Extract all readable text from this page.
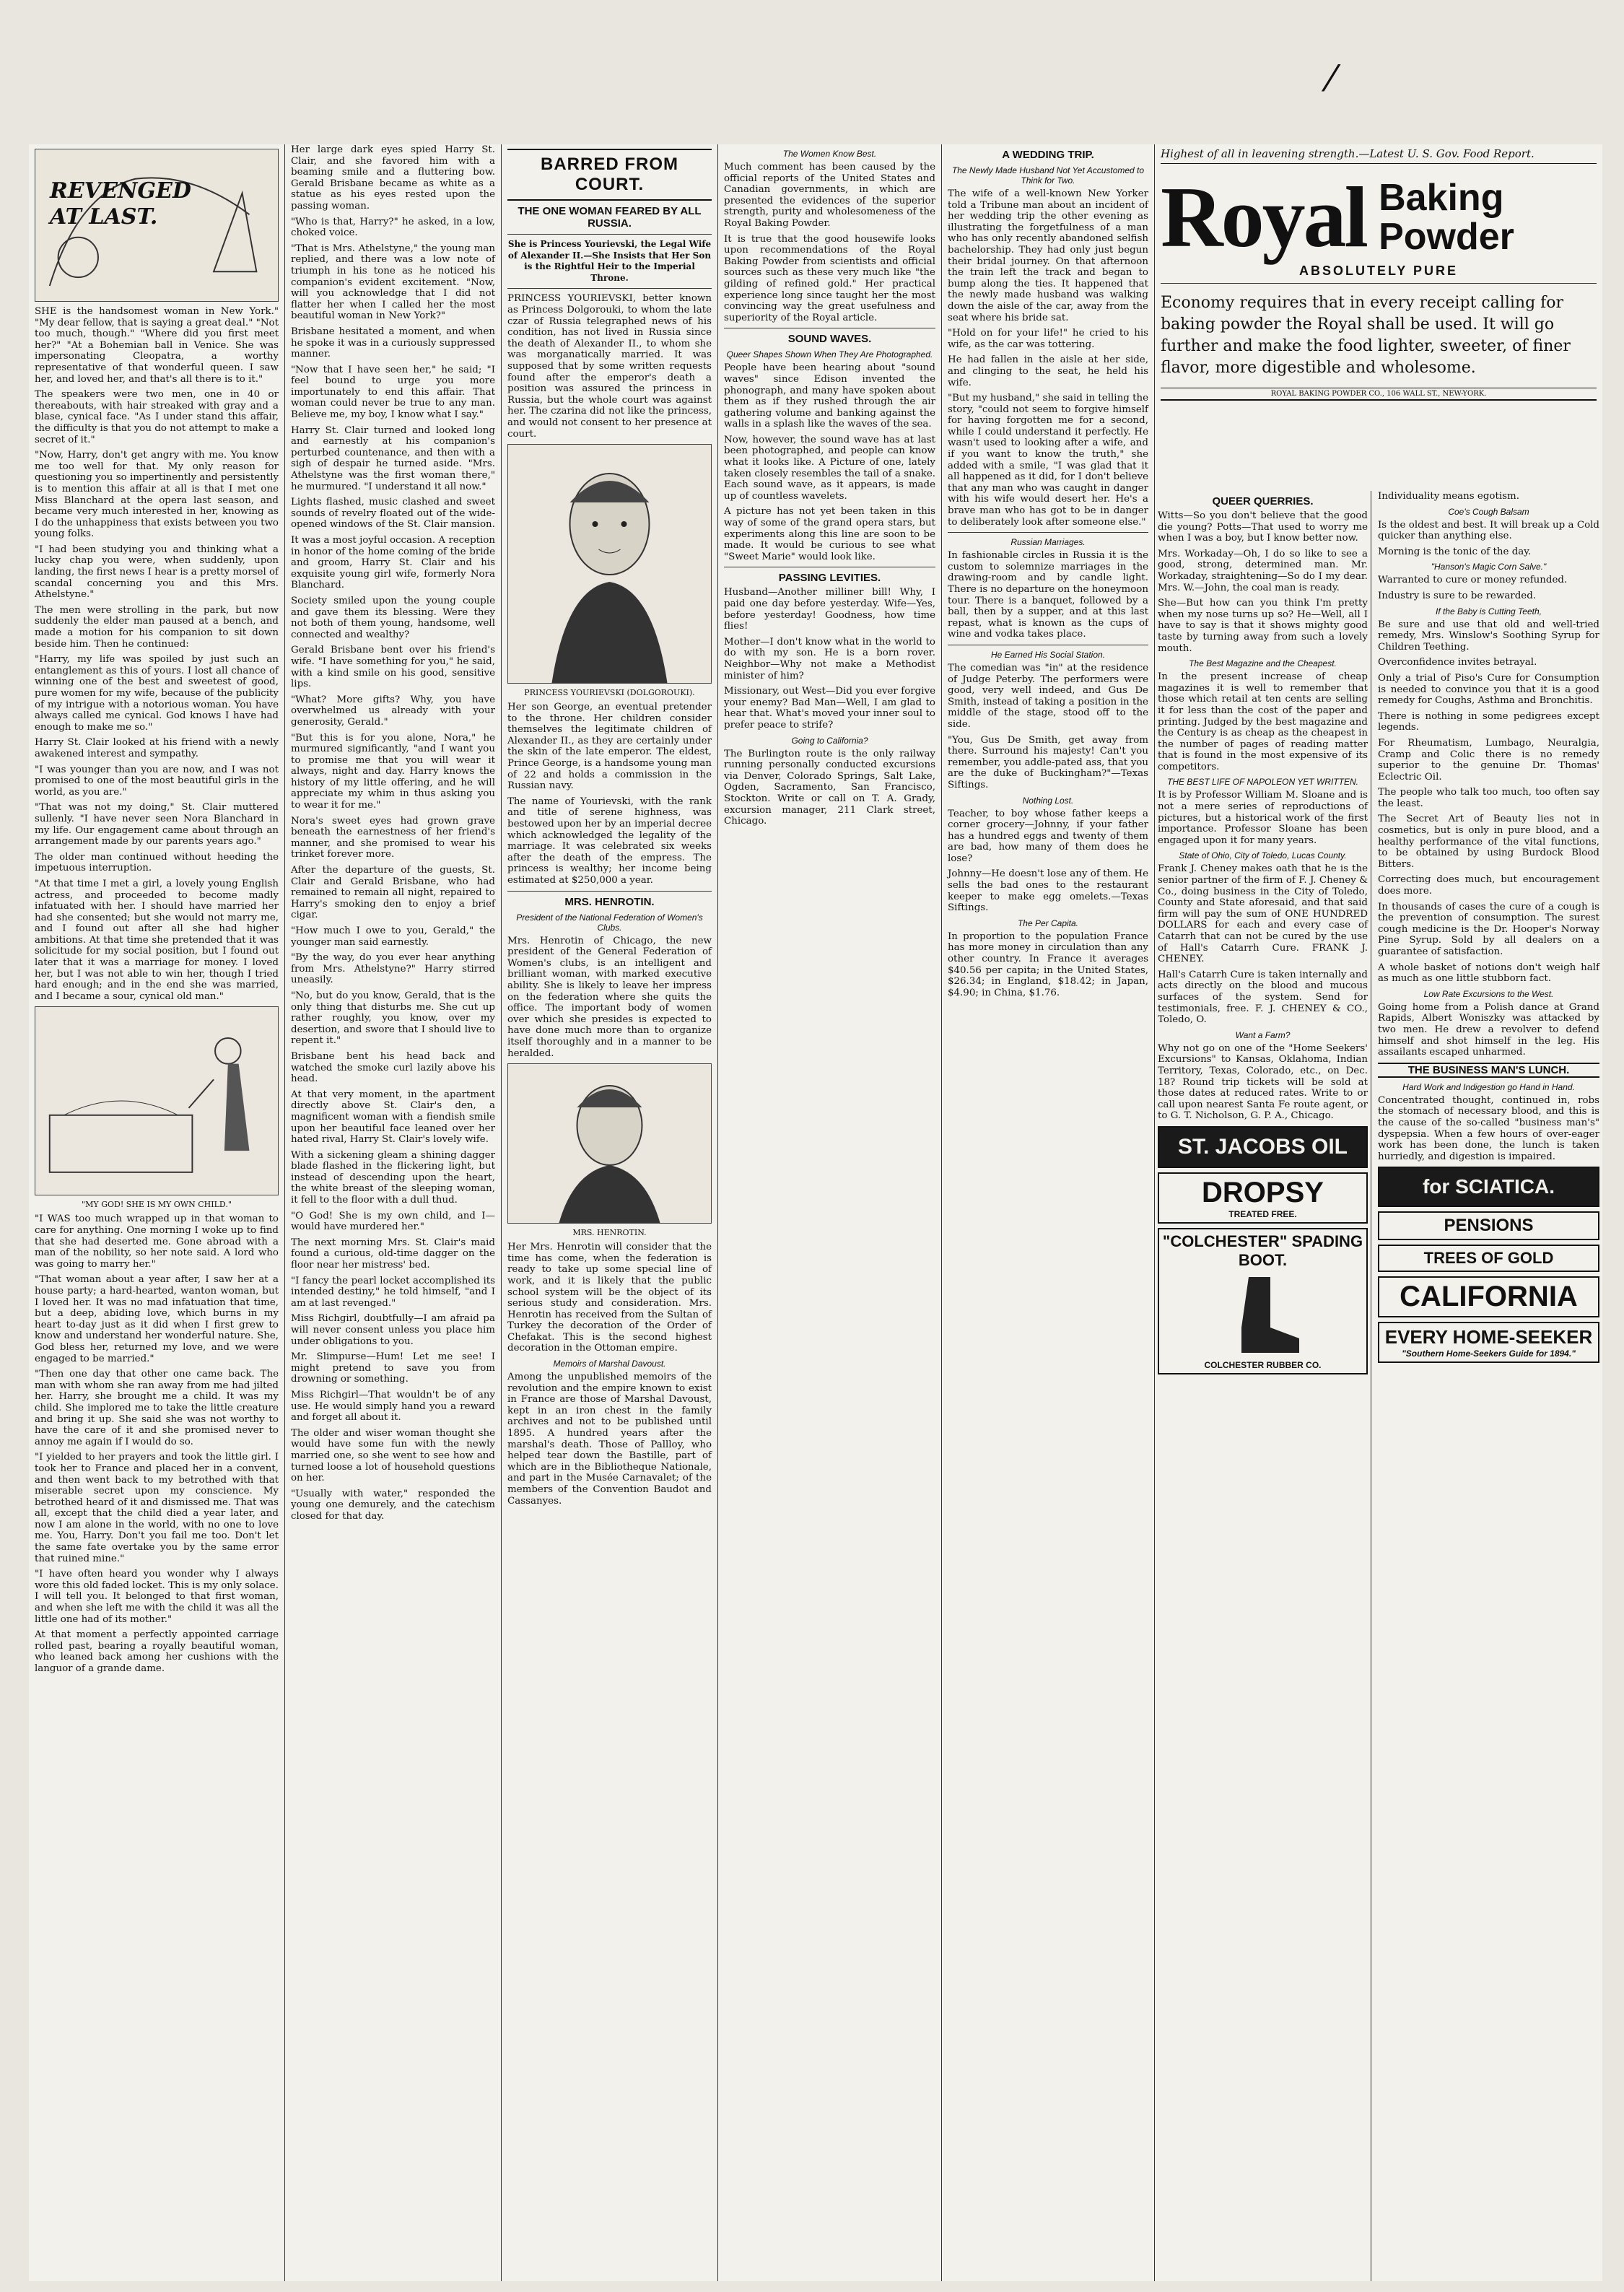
⁄
REVENGED AT LAST.

SHE is the handsomest woman in New York." "My dear fellow, that is saying a great deal." "Not too much, though." "Where did you first meet her?" "At a Bohemian ball in Venice. She was impersonating Cleopatra, a worthy representative of that wonderful queen. I saw her, and loved her, and that's all there is to it."

The speakers were two men, one in 40 or thereabouts, with hair streaked with gray and a blase, cynical face. "As I under stand this affair, the difficulty is that you do not attempt to make a secret of it."

"Now, Harry, don't get angry with me. You know me too well for that. My only reason for questioning you so impertinently and persistently is to mention this affair at all is that I met one Miss Blanchard at the opera last season, and became very much interested in her, knowing as I do the unhappiness that exists between you two young folks.

"I had been studying you and thinking what a lucky chap you were, when suddenly, upon landing, the first news I hear is a pretty morsel of scandal concerning you and this Mrs. Athelstyne."

The men were strolling in the park, but now suddenly the elder man paused at a bench, and made a motion for his companion to sit down beside him. Then he continued:

"Harry, my life was spoiled by just such an entanglement as this of yours. I lost all chance of winning one of the best and sweetest of good, pure women for my wife, because of the publicity of my intrigue with a notorious woman. You have always called me cynical. God knows I have had enough to make me so."

Harry St. Clair looked at his friend with a newly awakened interest and sympathy.

"I was younger than you are now, and I was not promised to one of the most beautiful girls in the world, as you are."

"That was not my doing," St. Clair muttered sullenly. "I have never seen Nora Blanchard in my life. Our engagement came about through an arrangement made by our parents years ago."

The older man continued without heeding the impetuous interruption.

"At that time I met a girl, a lovely young English actress, and proceeded to become madly infatuated with her. I should have married her had she consented; but she would not marry me, and I found out after all she had higher ambitions. At that time she pretended that it was solicitude for my social position, but I found out later that it was a marriage for money. I loved her, but I was not able to win her, though I tried hard enough; and in the end she was married, and I became a sour, cynical old man."

"MY GOD! SHE IS MY OWN CHILD."

"I WAS too much wrapped up in that woman to care for anything. One morning I woke up to find that she had deserted me. Gone abroad with a man of the nobility, so her note said. A lord who was going to marry her."

"That woman about a year after, I saw her at a house party; a hard-hearted, wanton woman, but I loved her. It was no mad infatuation that time, but a deep, abiding love, which burns in my heart to-day just as it did when I first grew to know and understand her wonderful nature. She, God bless her, returned my love, and we were engaged to be married."

"Then one day that other one came back. The man with whom she ran away from me had jilted her. Harry, she brought me a child. It was my child. She implored me to take the little creature and bring it up. She said she was not worthy to have the care of it and she promised never to annoy me again if I would do so.

"I yielded to her prayers and took the little girl. I took her to France and placed her in a convent, and then went back to my betrothed with that miserable secret upon my conscience. My betrothed heard of it and dismissed me. That was all, except that the child died a year later, and now I am alone in the world, with no one to love me. You, Harry. Don't you fail me too. Don't let the same fate overtake you by the same error that ruined mine."

"I have often heard you wonder why I always wore this old faded locket. This is my only solace. I will tell you. It belonged to that first woman, and when she left me with the child it was all the little one had of its mother."

At that moment a perfectly appointed carriage rolled past, bearing a royally beautiful woman, who leaned back among her cushions with the languor of a grande dame.

Her large dark eyes spied Harry St. Clair, and she favored him with a beaming smile and a fluttering bow. Gerald Brisbane became as white as a statue as his eyes rested upon the passing woman.

"Who is that, Harry?" he asked, in a low, choked voice.

"That is Mrs. Athelstyne," the young man replied, and there was a low note of triumph in his tone as he noticed his companion's evident excitement. "Now, will you acknowledge that I did not flatter her when I called her the most beautiful woman in New York?"

Brisbane hesitated a moment, and when he spoke it was in a curiously suppressed manner.

"Now that I have seen her," he said; "I feel bound to urge you more importunately to end this affair. That woman could never be true to any man. Believe me, my boy, I know what I say."

Harry St. Clair turned and looked long and earnestly at his companion's perturbed countenance, and then with a sigh of despair he turned aside. "Mrs. Athelstyne was the first woman there," he murmured. "I understand it all now."

Lights flashed, music clashed and sweet sounds of revelry floated out of the wide-opened windows of the St. Clair mansion.

It was a most joyful occasion. A reception in honor of the home coming of the bride and groom, Harry St. Clair and his exquisite young girl wife, formerly Nora Blanchard.

Society smiled upon the young couple and gave them its blessing. Were they not both of them young, handsome, well connected and wealthy?

Gerald Brisbane bent over his friend's wife. "I have something for you," he said, with a kind smile on his good, sensitive lips.

"What? More gifts? Why, you have overwhelmed us already with your generosity, Gerald."

"But this is for you alone, Nora," he murmured significantly, "and I want you to promise me that you will wear it always, night and day. Harry knows the history of my little offering, and he will appreciate my whim in thus asking you to wear it for me."

Nora's sweet eyes had grown grave beneath the earnestness of her friend's manner, and she promised to wear his trinket forever more.

After the departure of the guests, St. Clair and Gerald Brisbane, who had remained to remain all night, repaired to Harry's smoking den to enjoy a brief cigar.

"How much I owe to you, Gerald," the younger man said earnestly.

"By the way, do you ever hear anything from Mrs. Athelstyne?" Harry stirred uneasily.

"No, but do you know, Gerald, that is the only thing that disturbs me. She cut up rather roughly, you know, over my desertion, and swore that I should live to repent it."

Brisbane bent his head back and watched the smoke curl lazily above his head.

At that very moment, in the apartment directly above St. Clair's den, a magnificent woman with a fiendish smile upon her beautiful face leaned over her hated rival, Harry St. Clair's lovely wife.

With a sickening gleam a shining dagger blade flashed in the flickering light, but instead of descending upon the heart, the white breast of the sleeping woman, it fell to the floor with a dull thud.

"O God! She is my own child, and I—would have murdered her."

The next morning Mrs. St. Clair's maid found a curious, old-time dagger on the floor near her mistress' bed.

"I fancy the pearl locket accomplished its intended destiny," he told himself, "and I am at last revenged."

Miss Richgirl, doubtfully—I am afraid pa will never consent unless you place him under obligations to you.

Mr. Slimpurse—Hum! Let me see! I might pretend to save you from drowning or something.

Miss Richgirl—That wouldn't be of any use. He would simply hand you a reward and forget all about it.

The older and wiser woman thought she would have some fun with the newly married one, so she went to see how and turned loose a lot of household questions on her.

"Usually with water," responded the young one demurely, and the catechism closed for that day.

BARRED FROM COURT.
THE ONE WOMAN FEARED BY ALL RUSSIA.

She is Princess Yourievski, the Legal Wife of Alexander II.—She Insists that Her Son is the Rightful Heir to the Imperial Throne.

PRINCESS YOURIEVSKI, better known as Princess Dolgorouki, to whom the late czar of Russia telegraphed news of his condition, has not lived in Russia since the death of Alexander II., to whom she was morganatically married. It was supposed that by some written requests found after the emperor's death a position was assured the princess in Russia, but the whole court was against her. The czarina did not like the princess, and would not consent to her presence at court.

PRINCESS YOURIEVSKI (DOLGOROUKI).

Her son George, an eventual pretender to the throne. Her children consider themselves the legitimate children of Alexander II., as they are certainly under the skin of the late emperor. The eldest, Prince George, is a handsome young man of 22 and holds a commission in the Russian navy.

The name of Yourievski, with the rank and title of serene highness, was bestowed upon her by an imperial decree which acknowledged the legality of the marriage. It was celebrated six weeks after the death of the empress. The princess is wealthy; her income being estimated at $250,000 a year.

MRS. HENROTIN.
President of the National Federation of Women's Clubs.

Mrs. Henrotin of Chicago, the new president of the General Federation of Women's clubs, is an intelligent and brilliant woman, with marked executive ability. She is likely to leave her impress on the federation where she quits the office. The important body of women over which she presides is expected to have done much more than to organize itself thoroughly and in a manner to be heralded.

MRS. HENROTIN.

Her Mrs. Henrotin will consider that the time has come, when the federation is ready to take up some special line of work, and it is likely that the public school system will be the object of its serious study and consideration. Mrs. Henrotin has received from the Sultan of Turkey the decoration of the Order of Chefakat. This is the second highest decoration in the Ottoman empire.

Memoirs of Marshal Davoust.

Among the unpublished memoirs of the revolution and the empire known to exist in France are those of Marshal Davoust, kept in an iron chest in the family archives and not to be published until 1895. A hundred years after the marshal's death. Those of Pallloy, who helped tear down the Bastille, part of which are in the Bibliotheque Nationale, and part in the Musée Carnavalet; of the members of the Convention Baudot and Cassanyes.

The Women Know Best.

Much comment has been caused by the official reports of the United States and Canadian governments, in which are presented the evidences of the superior strength, purity and wholesomeness of the Royal Baking Powder.

It is true that the good housewife looks upon recommendations of the Royal Baking Powder from scientists and official sources such as these very much like "the gilding of refined gold." Her practical experience long since taught her the most convincing way the great usefulness and superiority of the Royal article.

SOUND WAVES.
Queer Shapes Shown When They Are Photographed.

People have been hearing about "sound waves" since Edison invented the phonograph, and many have spoken about them as if they rushed through the air gathering volume and banking against the walls in a splash like the waves of the sea.

Now, however, the sound wave has at last been photographed, and people can know what it looks like. A Picture of one, lately taken closely resembles the tail of a snake. Each sound wave, as it appears, is made up of countless wavelets.

A picture has not yet been taken in this way of some of the grand opera stars, but experiments along this line are soon to be made. It would be curious to see what "Sweet Marie" would look like.

PASSING LEVITIES.

Husband—Another milliner bill! Why, I paid one day before yesterday. Wife—Yes, before yesterday! Goodness, how time flies!

Mother—I don't know what in the world to do with my son. He is a born rover. Neighbor—Why not make a Methodist minister of him?

Missionary, out West—Did you ever forgive your enemy? Bad Man—Well, I am glad to hear that. What's moved your inner soul to prefer peace to strife?

Going to California?

The Burlington route is the only railway running personally conducted excursions via Denver, Colorado Springs, Salt Lake, Ogden, Sacramento, San Francisco, Stockton. Write or call on T. A. Grady, excursion manager, 211 Clark street, Chicago.

A WEDDING TRIP.
The Newly Made Husband Not Yet Accustomed to Think for Two.

The wife of a well-known New Yorker told a Tribune man about an incident of her wedding trip the other evening as illustrating the forgetfulness of a man who has only recently abandoned selfish bachelorship. They had only just begun their bridal journey. On that afternoon the train left the track and began to bump along the ties. It happened that the newly made husband was walking down the aisle of the car, away from the seat where his bride sat.

"Hold on for your life!" he cried to his wife, as the car was tottering.

He had fallen in the aisle at her side, and clinging to the seat, he held his wife.

"But my husband," she said in telling the story, "could not seem to forgive himself for having forgotten me for a second, while I could understand it perfectly. He wasn't used to looking after a wife, and if you want to know the truth," she added with a smile, "I was glad that it all happened as it did, for I don't believe that any man who was caught in danger with his wife would desert her. He's a brave man who has got to be in danger to deliberately look after someone else."

Russian Marriages.

In fashionable circles in Russia it is the custom to solemnize marriages in the drawing-room and by candle light. There is no departure on the honeymoon tour. There is a banquet, followed by a ball, then by a supper, and at this last repast, what is known as the cups of wine and vodka takes place.

He Earned His Social Station.

The comedian was "in" at the residence of Judge Peterby. The performers were good, very well indeed, and Gus De Smith, instead of taking a position in the middle of the stage, stood off to the side.

"You, Gus De Smith, get away from there. Surround his majesty! Can't you remember, you addle-pated ass, that you are the duke of Buckingham?"—Texas Siftings.

Nothing Lost.

Teacher, to boy whose father keeps a corner grocery—Johnny, if your father has a hundred eggs and twenty of them are bad, how many of them does he lose?

Johnny—He doesn't lose any of them. He sells the bad ones to the restaurant keeper to make egg omelets.—Texas Siftings.

The Per Capita.

In proportion to the population France has more money in circulation than any other country. In France it averages $40.56 per capita; in the United States, $26.34; in England, $18.42; in Japan, $4.90; in China, $1.76.

Highest of all in leavening strength.—Latest U. S. Gov. Food Report.
Royal Baking
Powder
ABSOLUTELY PURE

Economy requires that in every receipt calling for baking powder the Royal shall be used. It will go further and make the food lighter, sweeter, of finer flavor, more digestible and wholesome.

ROYAL BAKING POWDER CO., 106 WALL ST., NEW-YORK.
QUEER QUERRIES.

Witts—So you don't believe that the good die young? Potts—That used to worry me when I was a boy, but I know better now.

Mrs. Workaday—Oh, I do so like to see a good, strong, determined man. Mr. Workaday, straightening—So do I my dear. Mrs. W.—John, the coal man is ready.

She—But how can you think I'm pretty when my nose turns up so? He—Well, all I have to say is that it shows mighty good taste by turning away from such a lovely mouth.

The Best Magazine and the Cheapest.

In the present increase of cheap magazines it is well to remember that those which retail at ten cents are selling it for less than the cost of the paper and printing. Judged by the best magazine and the Century is as cheap as the cheapest in the number of pages of reading matter that is found in the most expensive of its competitors.

THE BEST LIFE OF NAPOLEON YET WRITTEN.

It is by Professor William M. Sloane and is not a mere series of reproductions of pictures, but a historical work of the first importance. Professor Sloane has been engaged upon it for many years.

State of Ohio, City of Toledo, Lucas County.

Frank J. Cheney makes oath that he is the senior partner of the firm of F. J. Cheney & Co., doing business in the City of Toledo, County and State aforesaid, and that said firm will pay the sum of ONE HUNDRED DOLLARS for each and every case of Catarrh that can not be cured by the use of Hall's Catarrh Cure. FRANK J. CHENEY.

Hall's Catarrh Cure is taken internally and acts directly on the blood and mucous surfaces of the system. Send for testimonials, free. F. J. CHENEY & CO., Toledo, O.

Want a Farm?

Why not go on one of the "Home Seekers' Excursions" to Kansas, Oklahoma, Indian Territory, Texas, Colorado, etc., on Dec. 18? Round trip tickets will be sold at those dates at reduced rates. Write to or call upon nearest Santa Fe route agent, or to G. T. Nicholson, G. P. A., Chicago.

ST. JACOBS OIL
DROPSY
TREATED FREE.
"COLCHESTER" SPADING BOOT.
COLCHESTER RUBBER CO.

Individuality means egotism.

Coe's Cough Balsam

Is the oldest and best. It will break up a Cold quicker than anything else.

Morning is the tonic of the day.

"Hanson's Magic Corn Salve."

Warranted to cure or money refunded.

Industry is sure to be rewarded.

If the Baby is Cutting Teeth,

Be sure and use that old and well-tried remedy, Mrs. Winslow's Soothing Syrup for Children Teething.

Overconfidence invites betrayal.

Only a trial of Piso's Cure for Consumption is needed to convince you that it is a good remedy for Coughs, Asthma and Bronchitis.

There is nothing in some pedigrees except legends.

For Rheumatism, Lumbago, Neuralgia, Cramp and Colic there is no remedy superior to the genuine Dr. Thomas' Eclectric Oil.

The people who talk too much, too often say the least.

The Secret Art of Beauty lies not in cosmetics, but is only in pure blood, and a healthy performance of the vital functions, to be obtained by using Burdock Blood Bitters.

Correcting does much, but encouragement does more.

In thousands of cases the cure of a cough is the prevention of consumption. The surest cough medicine is the Dr. Hooper's Norway Pine Syrup. Sold by all dealers on a guarantee of satisfaction.

A whole basket of notions don't weigh half as much as one little stubborn fact.

Low Rate Excursions to the West.

Going home from a Polish dance at Grand Rapids, Albert Woniszky was attacked by two men. He drew a revolver to defend himself and shot himself in the leg. His assailants escaped unharmed.

THE BUSINESS MAN'S LUNCH.
Hard Work and Indigestion go Hand in Hand.

Concentrated thought, continued in, robs the stomach of necessary blood, and this is the cause of the so-called "business man's" dyspepsia. When a few hours of over-eager work has been done, the lunch is taken hurriedly, and digestion is impaired.

for SCIATICA.
PENSIONS
TREES OF GOLD
CALIFORNIA
EVERY HOME-SEEKER
"Southern Home-Seekers Guide for 1894."
